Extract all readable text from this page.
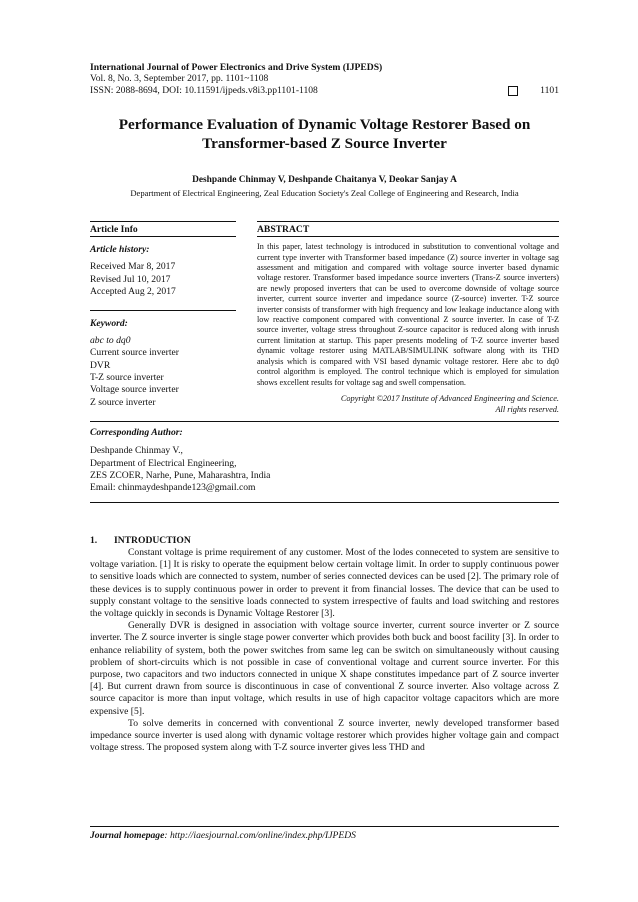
International Journal of Power Electronics and Drive System (IJPEDS)
Vol. 8, No. 3, September 2017, pp. 1101~1108
ISSN: 2088-8694, DOI: 10.11591/ijpeds.v8i3.pp1101-1108	1101
Performance Evaluation of Dynamic Voltage Restorer Based on
Transformer-based Z Source Inverter
Deshpande Chinmay V, Deshpande Chaitanya V, Deokar Sanjay A
Department of Electrical Engineering, Zeal Education Society's Zeal College of Engineering and Research, India
Article Info
Article history:
Received Mar 8, 2017
Revised Jul 10, 2017
Accepted Aug 2, 2017
Keyword:
abc to dq0
Current source inverter
DVR
T-Z source inverter
Voltage source inverter
Z source inverter
ABSTRACT
In this paper, latest technology is introduced in substitution to conventional voltage and current type inverter with Transformer based impedance (Z) source inverter in voltage sag assessment and mitigation and compared with voltage source inverter based dynamic voltage restorer. Transformer based impedance source inverters (Trans-Z source inverters) are newly proposed inverters that can be used to overcome downside of voltage source inverter, current source inverter and impedance source (Z-source) inverter. T-Z source inverter consists of transformer with high frequency and low leakage inductance along with low reactive component compared with conventional Z source inverter. In case of T-Z source inverter, voltage stress throughout Z-source capacitor is reduced along with inrush current limitation at startup. This paper presents modeling of T-Z source inverter based dynamic voltage restorer using MATLAB/SIMULINK software along with its THD analysis which is compared with VSI based dynamic voltage restorer. Here abc to dq0 control algorithm is employed. The control technique which is employed for simulation shows excellent results for voltage sag and swell compensation.
Copyright ©2017 Institute of Advanced Engineering and Science.
All rights reserved.
Corresponding Author:
Deshpande Chinmay V.,
Department of Electrical Engineering,
ZES ZCOER, Narhe, Pune, Maharashtra, India
Email: chinmaydeshpande123@gmail.com
1. INTRODUCTION

Constant voltage is prime requirement of any customer. Most of the lodes conneceted to system are sensitive to voltage variation. [1] It is risky to operate the equipment below certain voltage limit. In order to supply continuous power to sensitive loads which are connected to system, number of series connected devices can be used [2]. The primary role of these devices is to supply continuous power in order to prevent it from financial losses. The device that can be used to supply constant voltage to the sensitive loads connected to system irrespective of faults and load switching and restores the voltage quickly in seconds is Dynamic Voltage Restorer [3].

Generally DVR is designed in association with voltage source inverter, current source inverter or Z source inverter. The Z source inverter is single stage power converter which provides both buck and boost facility [3]. In order to enhance reliability of system, both the power switches from same leg can be switch on simultaneously without causing problem of short-circuits which is not possible in case of conventional voltage and current source inverter. For this purpose, two capacitors and two inductors connected in unique X shape constitutes impedance part of Z source inverter [4]. But current drawn from source is discontinuous in case of conventional Z source inverter. Also voltage across Z source capacitor is more than input voltage, which results in use of high capacitor voltage capacitors which are more expensive [5].

To solve demerits in concerned with conventional Z source inverter, newly developed transformer based impedance source inverter is used along with dynamic voltage restorer which provides higher voltage gain and compact voltage stress. The proposed system along with T-Z source inverter gives less THD and

Journal homepage: http://iaesjournal.com/online/index.php/IJPEDS
